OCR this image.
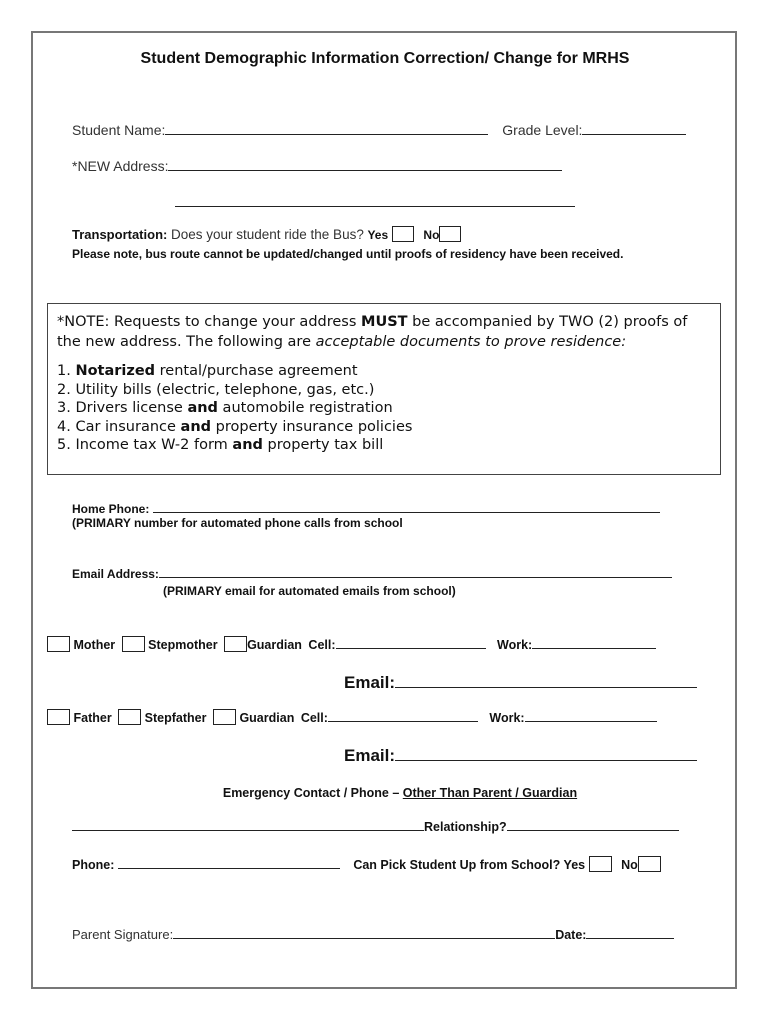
Student Demographic Information Correction/ Change for MRHS
Student Name:	Grade Level:
*NEW Address:
Transportation: Does your student ride the Bus? Yes	No
Please note, bus route cannot be updated/changed until proofs of residency have been received.

*NOTE: Requests to change your address MUST be accompanied by TWO (2) proofs of the new address. The following are acceptable documents to prove residence:

1. Notarized rental/purchase agreement
2. Utility bills (electric, telephone, gas, etc.)
3. Drivers license and automobile registration
4. Car insurance and property insurance policies
5. Income tax W-2 form and property tax bill
Home Phone:
(PRIMARY number for automated phone calls from school
Email Address:
(PRIMARY email for automated emails from school)
Mother	Stepmother Guardian Cell:	Work:
Email:
Father	Stepfather	Guardian Cell:	Work:
Email:
Emergency Contact / Phone – Other Than Parent / Guardian
Relationship?
Phone:	Can Pick Student Up from School? Yes	No
Parent Signature:	Date:
